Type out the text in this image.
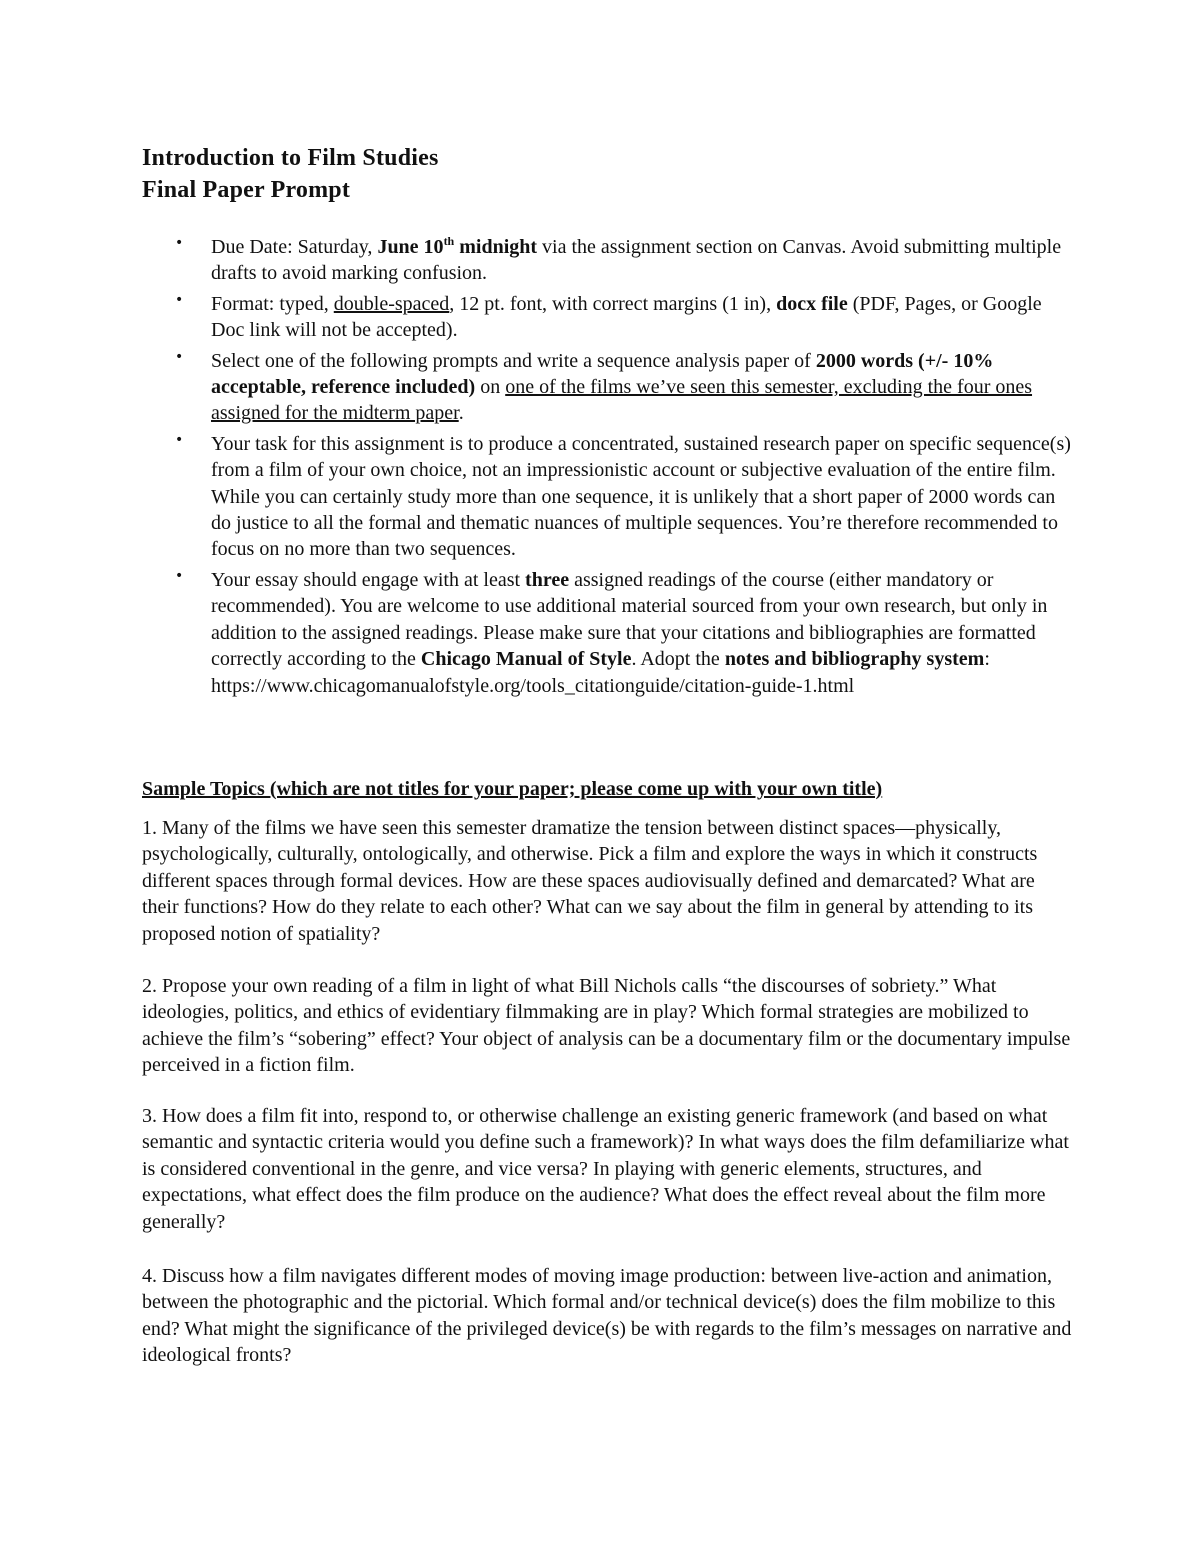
Introduction to Film Studies
Final Paper Prompt
• Due Date: Saturday, June 10th midnight via the assignment section on Canvas. Avoid submitting multiple drafts to avoid marking confusion.
• Format: typed, double-spaced, 12 pt. font, with correct margins (1 in), docx file (PDF, Pages, or Google Doc link will not be accepted).
• Select one of the following prompts and write a sequence analysis paper of 2000 words (+/- 10% acceptable, reference included) on one of the films we’ve seen this semester, excluding the four ones assigned for the midterm paper.
• Your task for this assignment is to produce a concentrated, sustained research paper on specific sequence(s) from a film of your own choice, not an impressionistic account or subjective evaluation of the entire film. While you can certainly study more than one sequence, it is unlikely that a short paper of 2000 words can do justice to all the formal and thematic nuances of multiple sequences. You’re therefore recommended to focus on no more than two sequences.
• Your essay should engage with at least three assigned readings of the course (either mandatory or recommended). You are welcome to use additional material sourced from your own research, but only in addition to the assigned readings. Please make sure that your citations and bibliographies are formatted correctly according to the Chicago Manual of Style. Adopt the notes and bibliography system:
https://www.chicagomanualofstyle.org/tools_citationguide/citation-guide-1.html
Sample Topics (which are not titles for your paper; please come up with your own title)

1. Many of the films we have seen this semester dramatize the tension between distinct spaces—physically, psychologically, culturally, ontologically, and otherwise. Pick a film and explore the ways in which it constructs different spaces through formal devices. How are these spaces audiovisually defined and demarcated? What are their functions? How do they relate to each other? What can we say about the film in general by attending to its proposed notion of spatiality?

2. Propose your own reading of a film in light of what Bill Nichols calls “the discourses of sobriety.” What ideologies, politics, and ethics of evidentiary filmmaking are in play? Which formal strategies are mobilized to achieve the film’s “sobering” effect? Your object of analysis can be a documentary film or the documentary impulse perceived in a fiction film.

3. How does a film fit into, respond to, or otherwise challenge an existing generic framework (and based on what semantic and syntactic criteria would you define such a framework)? In what ways does the film defamiliarize what is considered conventional in the genre, and vice versa? In playing with generic elements, structures, and expectations, what effect does the film produce on the audience? What does the effect reveal about the film more generally?

4. Discuss how a film navigates different modes of moving image production: between live-action and animation, between the photographic and the pictorial. Which formal and/or technical device(s) does the film mobilize to this end? What might the significance of the privileged device(s) be with regards to the film’s messages on narrative and ideological fronts?
